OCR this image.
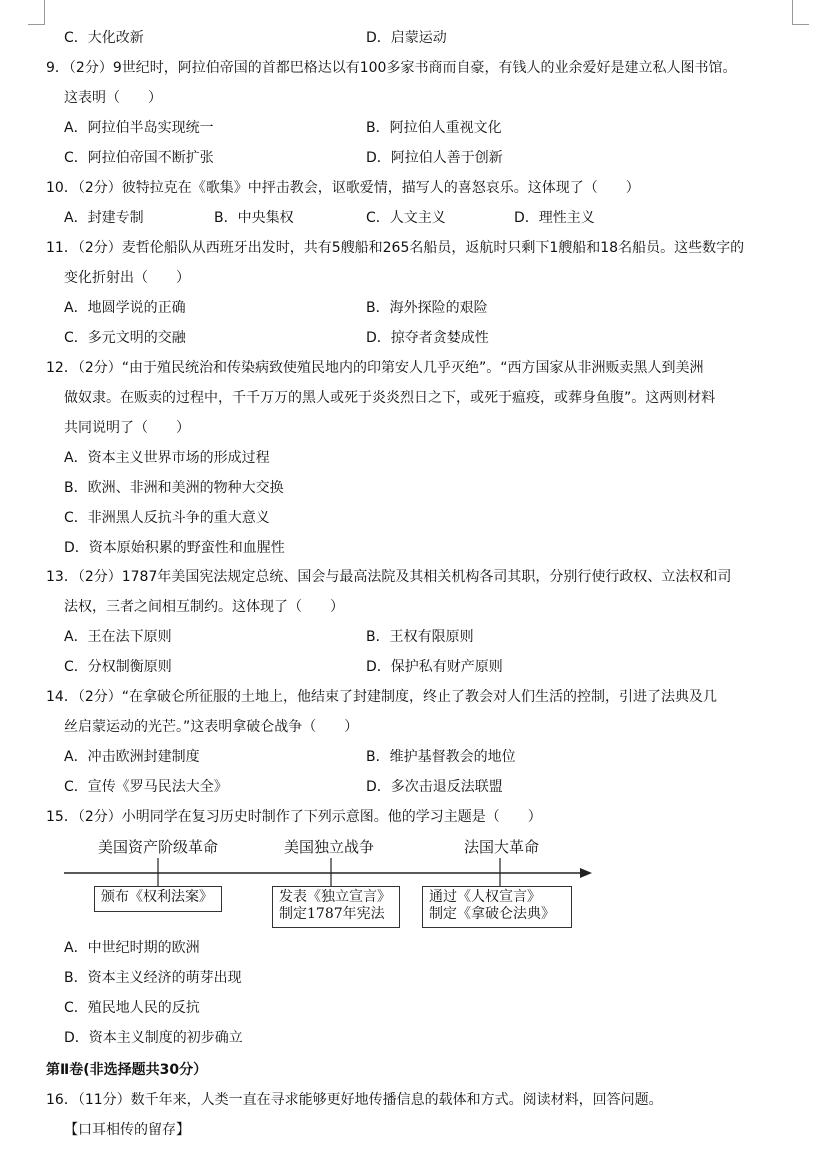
C．大化改新	D．启蒙运动
9．（2分）9世纪时，阿拉伯帝国的首都巴格达以有100多家书商而自豪，有钱人的业余爱好是建立私人图书馆。
这表明（　　）
A．阿拉伯半岛实现统一	B．阿拉伯人重视文化
C．阿拉伯帝国不断扩张	D．阿拉伯人善于创新
10．（2分）彼特拉克在《歌集》中抨击教会，讴歌爱情，描写人的喜怒哀乐。这体现了（　　）
A．封建专制	B．中央集权	C．人文主义	D．理性主义
11．（2分）麦哲伦船队从西班牙出发时，共有5艘船和265名船员，返航时只剩下1艘船和18名船员。这些数字的
变化折射出（　　）
A．地圆学说的正确	B．海外探险的艰险
C．多元文明的交融	D．掠夺者贪婪成性
12．（2分）“由于殖民统治和传染病致使殖民地内的印第安人几乎灭绝”。“西方国家从非洲贩卖黑人到美洲
做奴隶。在贩卖的过程中，千千万万的黑人或死于炎炎烈日之下，或死于瘟疫，或葬身鱼腹”。这两则材料
共同说明了（　　）
A．资本主义世界市场的形成过程
B．欧洲、非洲和美洲的物种大交换
C．非洲黑人反抗斗争的重大意义
D．资本原始积累的野蛮性和血腥性
13．（2分）1787年美国宪法规定总统、国会与最高法院及其相关机构各司其职，分别行使行政权、立法权和司
A．王在法下原则	B．王权有限原则
C．分权制衡原则	D．保护私有财产原则
14．（2分）“在拿破仑所征服的土地上，他结束了封建制度，终止了教会对人们生活的控制，引进了法典及几
丝启蒙运动的光芒。”这表明拿破仑战争（　　）
A．冲击欧洲封建制度	B．维护基督教会的地位
C．宣传《罗马民法大全》	D．多次击退反法联盟
15．（2分）小明同学在复习历史时制作了下列示意图。他的学习主题是（　　）
A．中世纪时期的欧洲
B．资本主义经济的萌芽出现
C．殖民地人民的反抗
D．资本主义制度的初步确立
16．（11分）数千年来，人类一直在寻求能够更好地传播信息的载体和方式。阅读材料，回答问题。
【口耳相传的留存】
法权，三者之间相互制约。这体现了（　　）
第Ⅱ卷(非选择题共30分）
美国资产阶级革命	美国独立战争	法国大革命
颁布《权利法案》	发表《独立宣言》
制定1787年宪法
通过《人权宣言》
制定《拿破仑法典》
